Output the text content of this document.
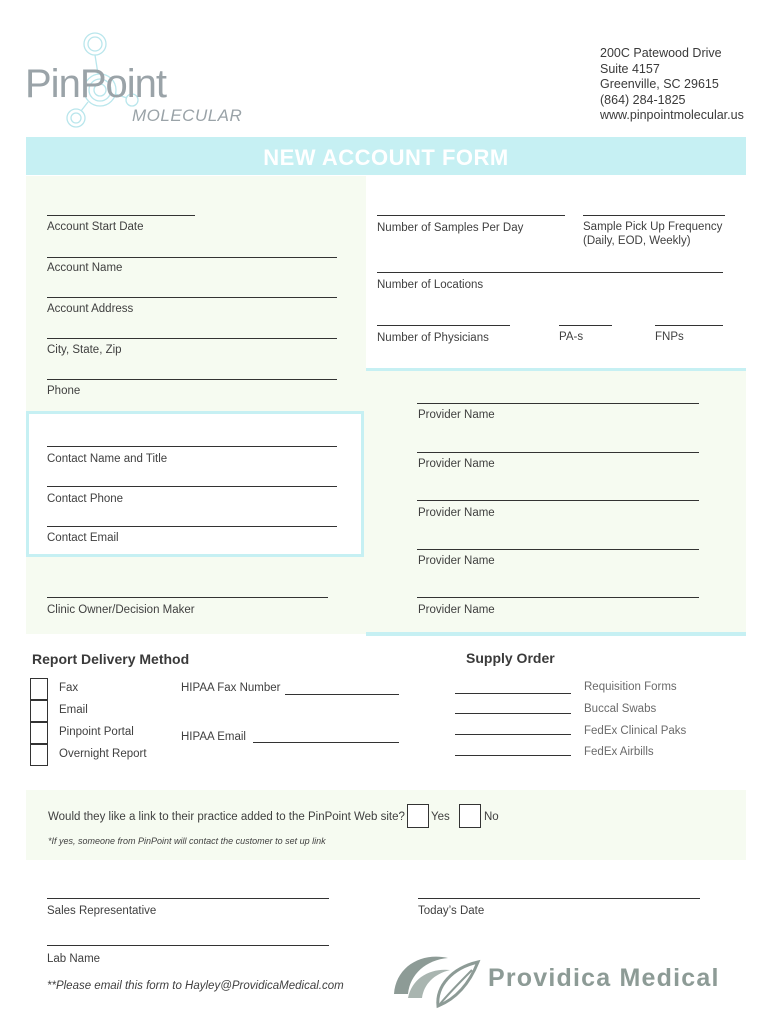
PinPoint
MOLECULAR
200C Patewood Drive
Suite 4157
Greenville, SC 29615
(864) 284-1825
www.pinpointmolecular.us
NEW ACCOUNT FORM
Account Start Date
Account Name
Account Address
City, State, Zip
Phone
Contact Name and Title
Contact Phone
Contact Email
Clinic Owner/Decision Maker
Number of Samples Per Day	Sample Pick Up Frequency
(Daily, EOD, Weekly)
Number of Locations
Number of Physicians	PA-s	FNPs
Provider Name
Provider Name
Provider Name
Provider Name
Provider Name
Report Delivery Method
Fax
Email
Pinpoint Portal
Overnight Report
HIPAA Fax Number
HIPAA Email
Supply Order
Requisition Forms
Buccal Swabs
FedEx Clinical Paks
FedEx Airbills
Would they like a link to their practice added to the PinPoint Web site? Yes	No
*If yes, someone from PinPoint will contact the customer to set up link
Sales Representative	Today’s Date
Lab Name
**Please email this form to Hayley@ProvidicaMedical.com	Providica Medical
